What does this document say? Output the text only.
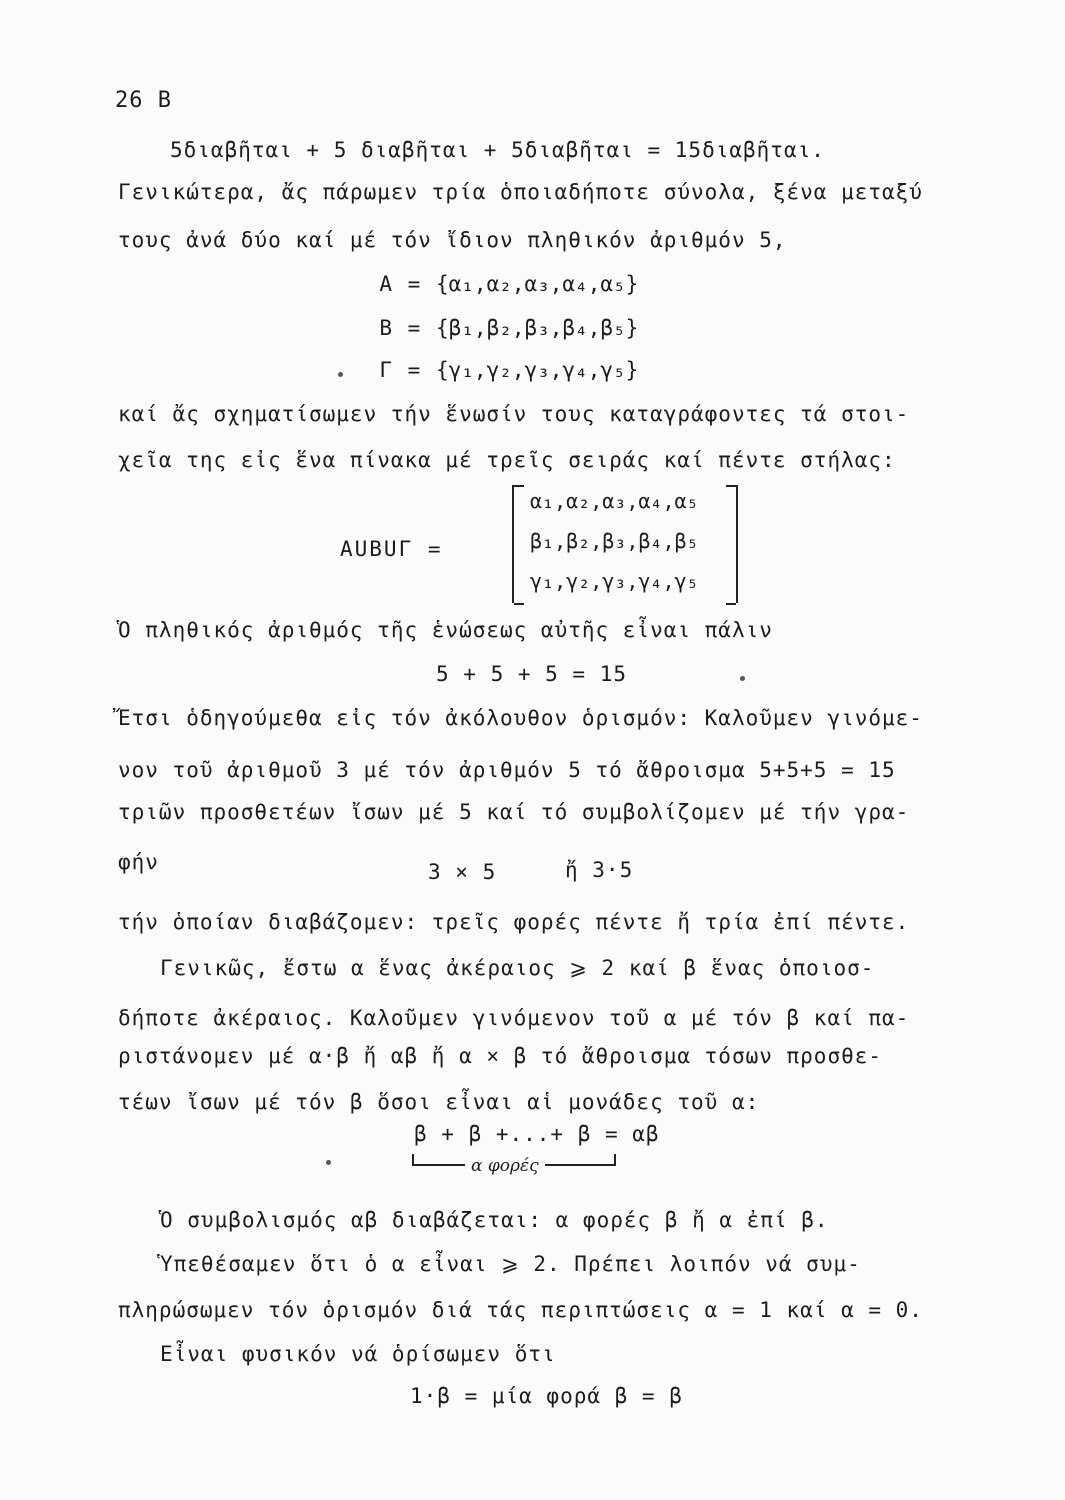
26 B
5διαβῆται + 5 διαβῆται + 5διαβῆται = 15διαβῆται.
Γενικώτερα, ἄς πάρωμεν τρία ὁποιαδήποτε σύνολα, ξένα μεταξύ
τους ἀνά δύο καί μέ τόν ἴδιον πληθικόν ἀριθμόν 5,
A = {α₁,α₂,α₃,α₄,α₅}
B = {β₁,β₂,β₃,β₄,β₅}
Γ = {γ₁,γ₂,γ₃,γ₄,γ₅}
καί ἄς σχηματίσωμεν τήν ἕνωσίν τους καταγράφοντες τά στοι-
χεῖα της εἰς ἕνα πίνακα μέ τρεῖς σειράς καί πέντε στήλας:
AUBUΓ =
α₁,α₂,α₃,α₄,α₅
β₁,β₂,β₃,β₄,β₅
γ₁,γ₂,γ₃,γ₄,γ₅
Ὁ πληθικός ἀριθμός τῆς ἑνώσεως αὐτῆς εἶναι πάλιν
5 + 5 + 5 = 15
Ἔτσι ὁδηγούμεθα εἰς τόν ἀκόλουθον ὁρισμόν: Καλοῦμεν γινόμε-
νον τοῦ ἀριθμοῦ 3 μέ τόν ἀριθμόν 5 τό ἄθροισμα 5+5+5 = 15
τριῶν προσθετέων ἴσων μέ 5 καί τό συμβολίζομεν μέ τήν γρα-
φήν	3 × 5	ἤ 3·5
τήν ὁποίαν διαβάζομεν: τρεῖς φορές πέντε ἤ τρία ἐπί πέντε.
Γενικῶς, ἔστω α ἕνας ἀκέραιος ⩾ 2 καί β ἕνας ὁποιοσ-
δήποτε ἀκέραιος. Καλοῦμεν γινόμενον τοῦ α μέ τόν β καί πα-
ριστάνομεν μέ α·β ἤ αβ ἤ α × β τό ἄθροισμα τόσων προσθε-
τέων ἴσων μέ τόν β ὅσοι εἶναι αἱ μονάδες τοῦ α:
β + β +...+ β = αβ
α φορές
Ὁ συμβολισμός αβ διαβάζεται: α φορές β ἤ α ἐπί β.
Ὑπεθέσαμεν ὅτι ὁ α εἶναι ⩾ 2. Πρέπει λοιπόν νά συμ-
πληρώσωμεν τόν ὁρισμόν διά τάς περιπτώσεις α = 1 καί α = 0.
Εἶναι φυσικόν νά ὁρίσωμεν ὅτι
1·β = μία φορά β = β
